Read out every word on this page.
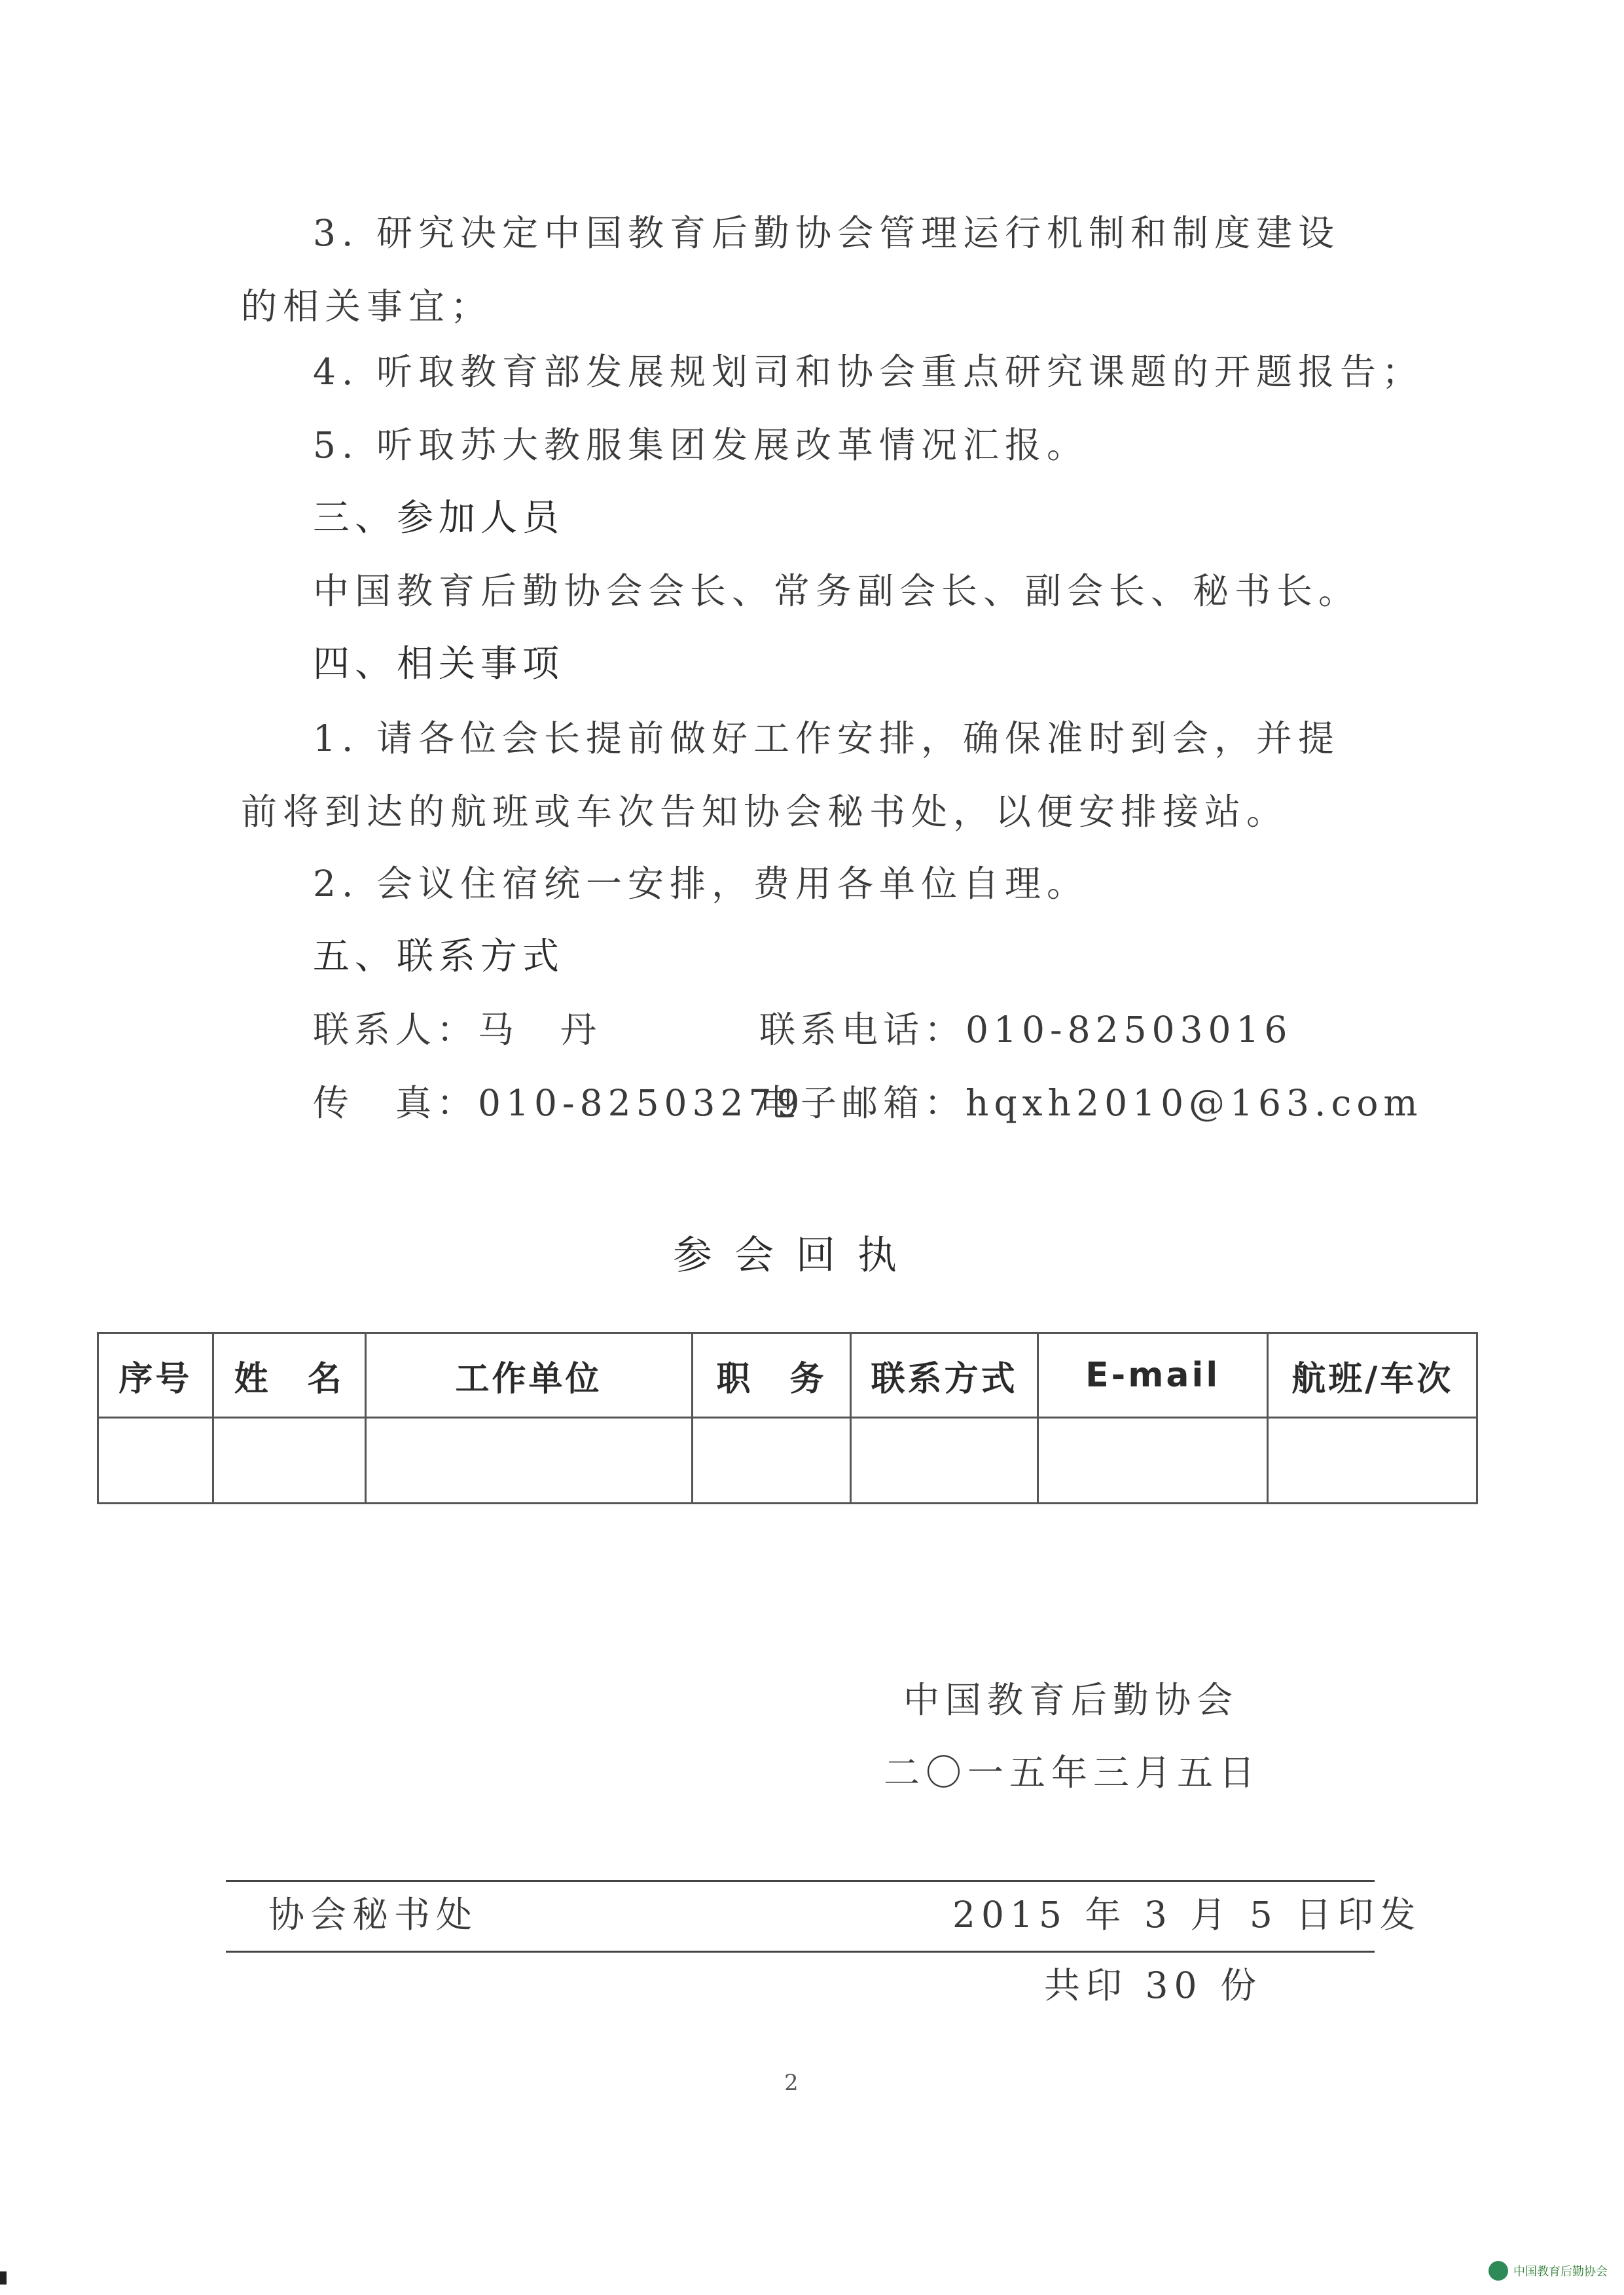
3. 研究决定中国教育后勤协会管理运行机制和制度建设的相关事宜；

4. 听取教育部发展规划司和协会重点研究课题的开题报告；
5. 听取苏大教服集团发展改革情况汇报。
三、参加人员
中国教育后勤协会会长、常务副会长、副会长、秘书长。
四、相关事项

1. 请各位会长提前做好工作安排，确保准时到会，并提前将到达的航班或车次告知协会秘书处，以便安排接站。

2. 会议住宿统一安排，费用各单位自理。
五、联系方式
联系人：马　丹	联系电话：010-82503016
传　真：010-82503279
电子邮箱：hqxh2010@163.com
参会回执
序号	姓　名	工作单位	职　务	联系方式	E-mail	航班/车次

中国教育后勤协会
二〇一五年三月五日
协会秘书处	2015 年 3 月 5 日印发
共印 30 份
2
中国教育后勤协会
